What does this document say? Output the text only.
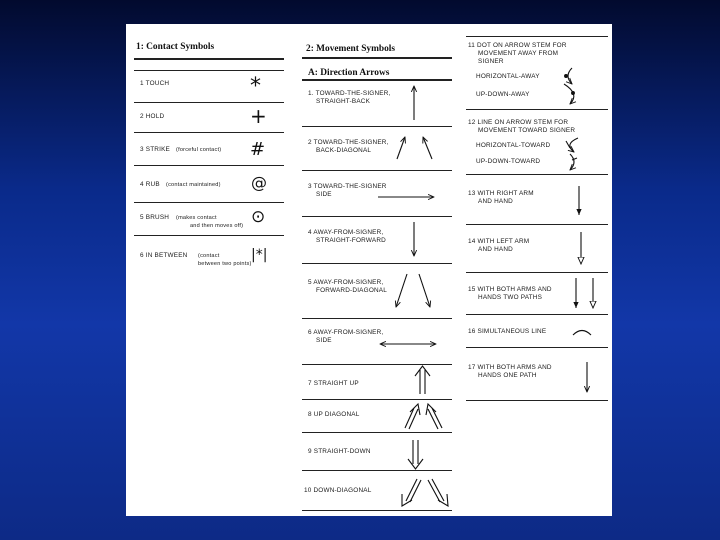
1: Contact Symbols
1 TOUCH	*
2 HOLD	+
3 STRIKE (forceful contact) #
4 RUB (contact maintained) @
5 BRUSH (makes contact
and then moves off) ⊙
6 IN BETWEEN (contact
between two points)
|*|
2: Movement Symbols
A: Direction Arrows
1. TOWARD-THE-SIGNER,
STRAIGHT-BACK
2 TOWARD-THE-SIGNER,
BACK-DIAGONAL
3 TOWARD-THE-SIGNER
SIDE
4 AWAY-FROM-SIGNER,
STRAIGHT-FORWARD
5 AWAY-FROM-SIGNER,
FORWARD-DIAGONAL
6 AWAY-FROM-SIGNER,
SIDE
7 STRAIGHT UP
8 UP DIAGONAL
9 STRAIGHT-DOWN
10 DOWN-DIAGONAL
11 DOT ON ARROW STEM FOR
MOVEMENT AWAY FROM
SIGNER
HORIZONTAL-AWAY
UP-DOWN-AWAY
12 LINE ON ARROW STEM FOR
MOVEMENT TOWARD SIGNER
HORIZONTAL-TOWARD
UP-DOWN-TOWARD
13 WITH RIGHT ARM
AND HAND
14 WITH LEFT ARM
AND HAND
15 WITH BOTH ARMS AND
HANDS TWO PATHS
16 SIMULTANEOUS LINE
17 WITH BOTH ARMS AND
HANDS ONE PATH
